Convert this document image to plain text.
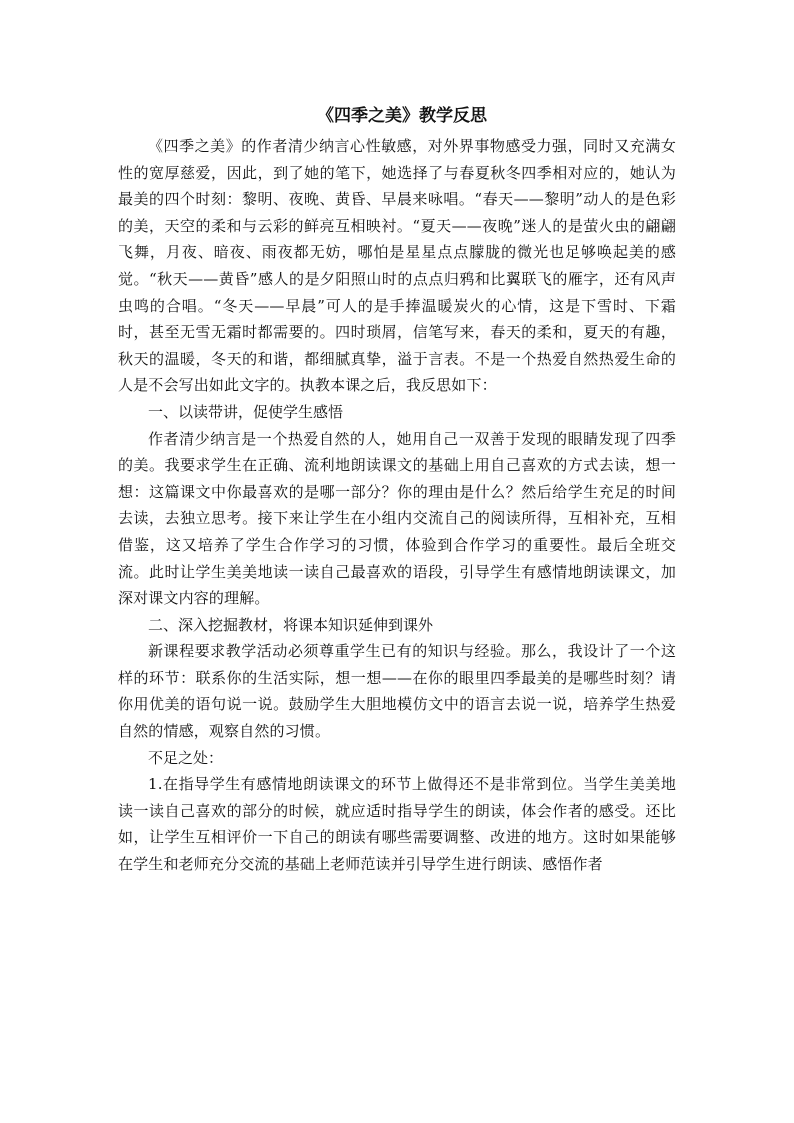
《四季之美》教学反思

《四季之美》的作者清少纳言心性敏感，对外界事物感受力强，同时又充满女性的宽厚慈爱，因此，到了她的笔下，她选择了与春夏秋冬四季相对应的，她认为最美的四个时刻：黎明、夜晚、黄昏、早晨来咏唱。“春天——黎明”动人的是色彩的美，天空的柔和与云彩的鲜亮互相映衬。“夏天——夜晚”迷人的是萤火虫的翩翩飞舞，月夜、暗夜、雨夜都无妨，哪怕是星星点点朦胧的微光也足够唤起美的感觉。“秋天——黄昏”感人的是夕阳照山时的点点归鸦和比翼联飞的雁字，还有风声虫鸣的合唱。“冬天——早晨”可人的是手捧温暖炭火的心情，这是下雪时、下霜时，甚至无雪无霜时都需要的。四时琐屑，信笔写来，春天的柔和，夏天的有趣，秋天的温暖，冬天的和谐，都细腻真挚，溢于言表。不是一个热爱自然热爱生命的人是不会写出如此文字的。执教本课之后，我反思如下：

一、以读带讲，促使学生感悟

作者清少纳言是一个热爱自然的人，她用自己一双善于发现的眼睛发现了四季的美。我要求学生在正确、流利地朗读课文的基础上用自己喜欢的方式去读，想一想：这篇课文中你最喜欢的是哪一部分？你的理由是什么？然后给学生充足的时间去读，去独立思考。接下来让学生在小组内交流自己的阅读所得，互相补充，互相借鉴，这又培养了学生合作学习的习惯，体验到合作学习的重要性。最后全班交流。此时让学生美美地读一读自己最喜欢的语段，引导学生有感情地朗读课文，加深对课文内容的理解。

二、深入挖掘教材，将课本知识延伸到课外

新课程要求教学活动必须尊重学生已有的知识与经验。那么，我设计了一个这样的环节：联系你的生活实际，想一想——在你的眼里四季最美的是哪些时刻？请你用优美的语句说一说。鼓励学生大胆地模仿文中的语言去说一说，培养学生热爱自然的情感，观察自然的习惯。

不足之处：

1.在指导学生有感情地朗读课文的环节上做得还不是非常到位。当学生美美地读一读自己喜欢的部分的时候，就应适时指导学生的朗读，体会作者的感受。还比如，让学生互相评价一下自己的朗读有哪些需要调整、改进的地方。这时如果能够在学生和老师充分交流的基础上老师范读并引导学生进行朗读、感悟作者
